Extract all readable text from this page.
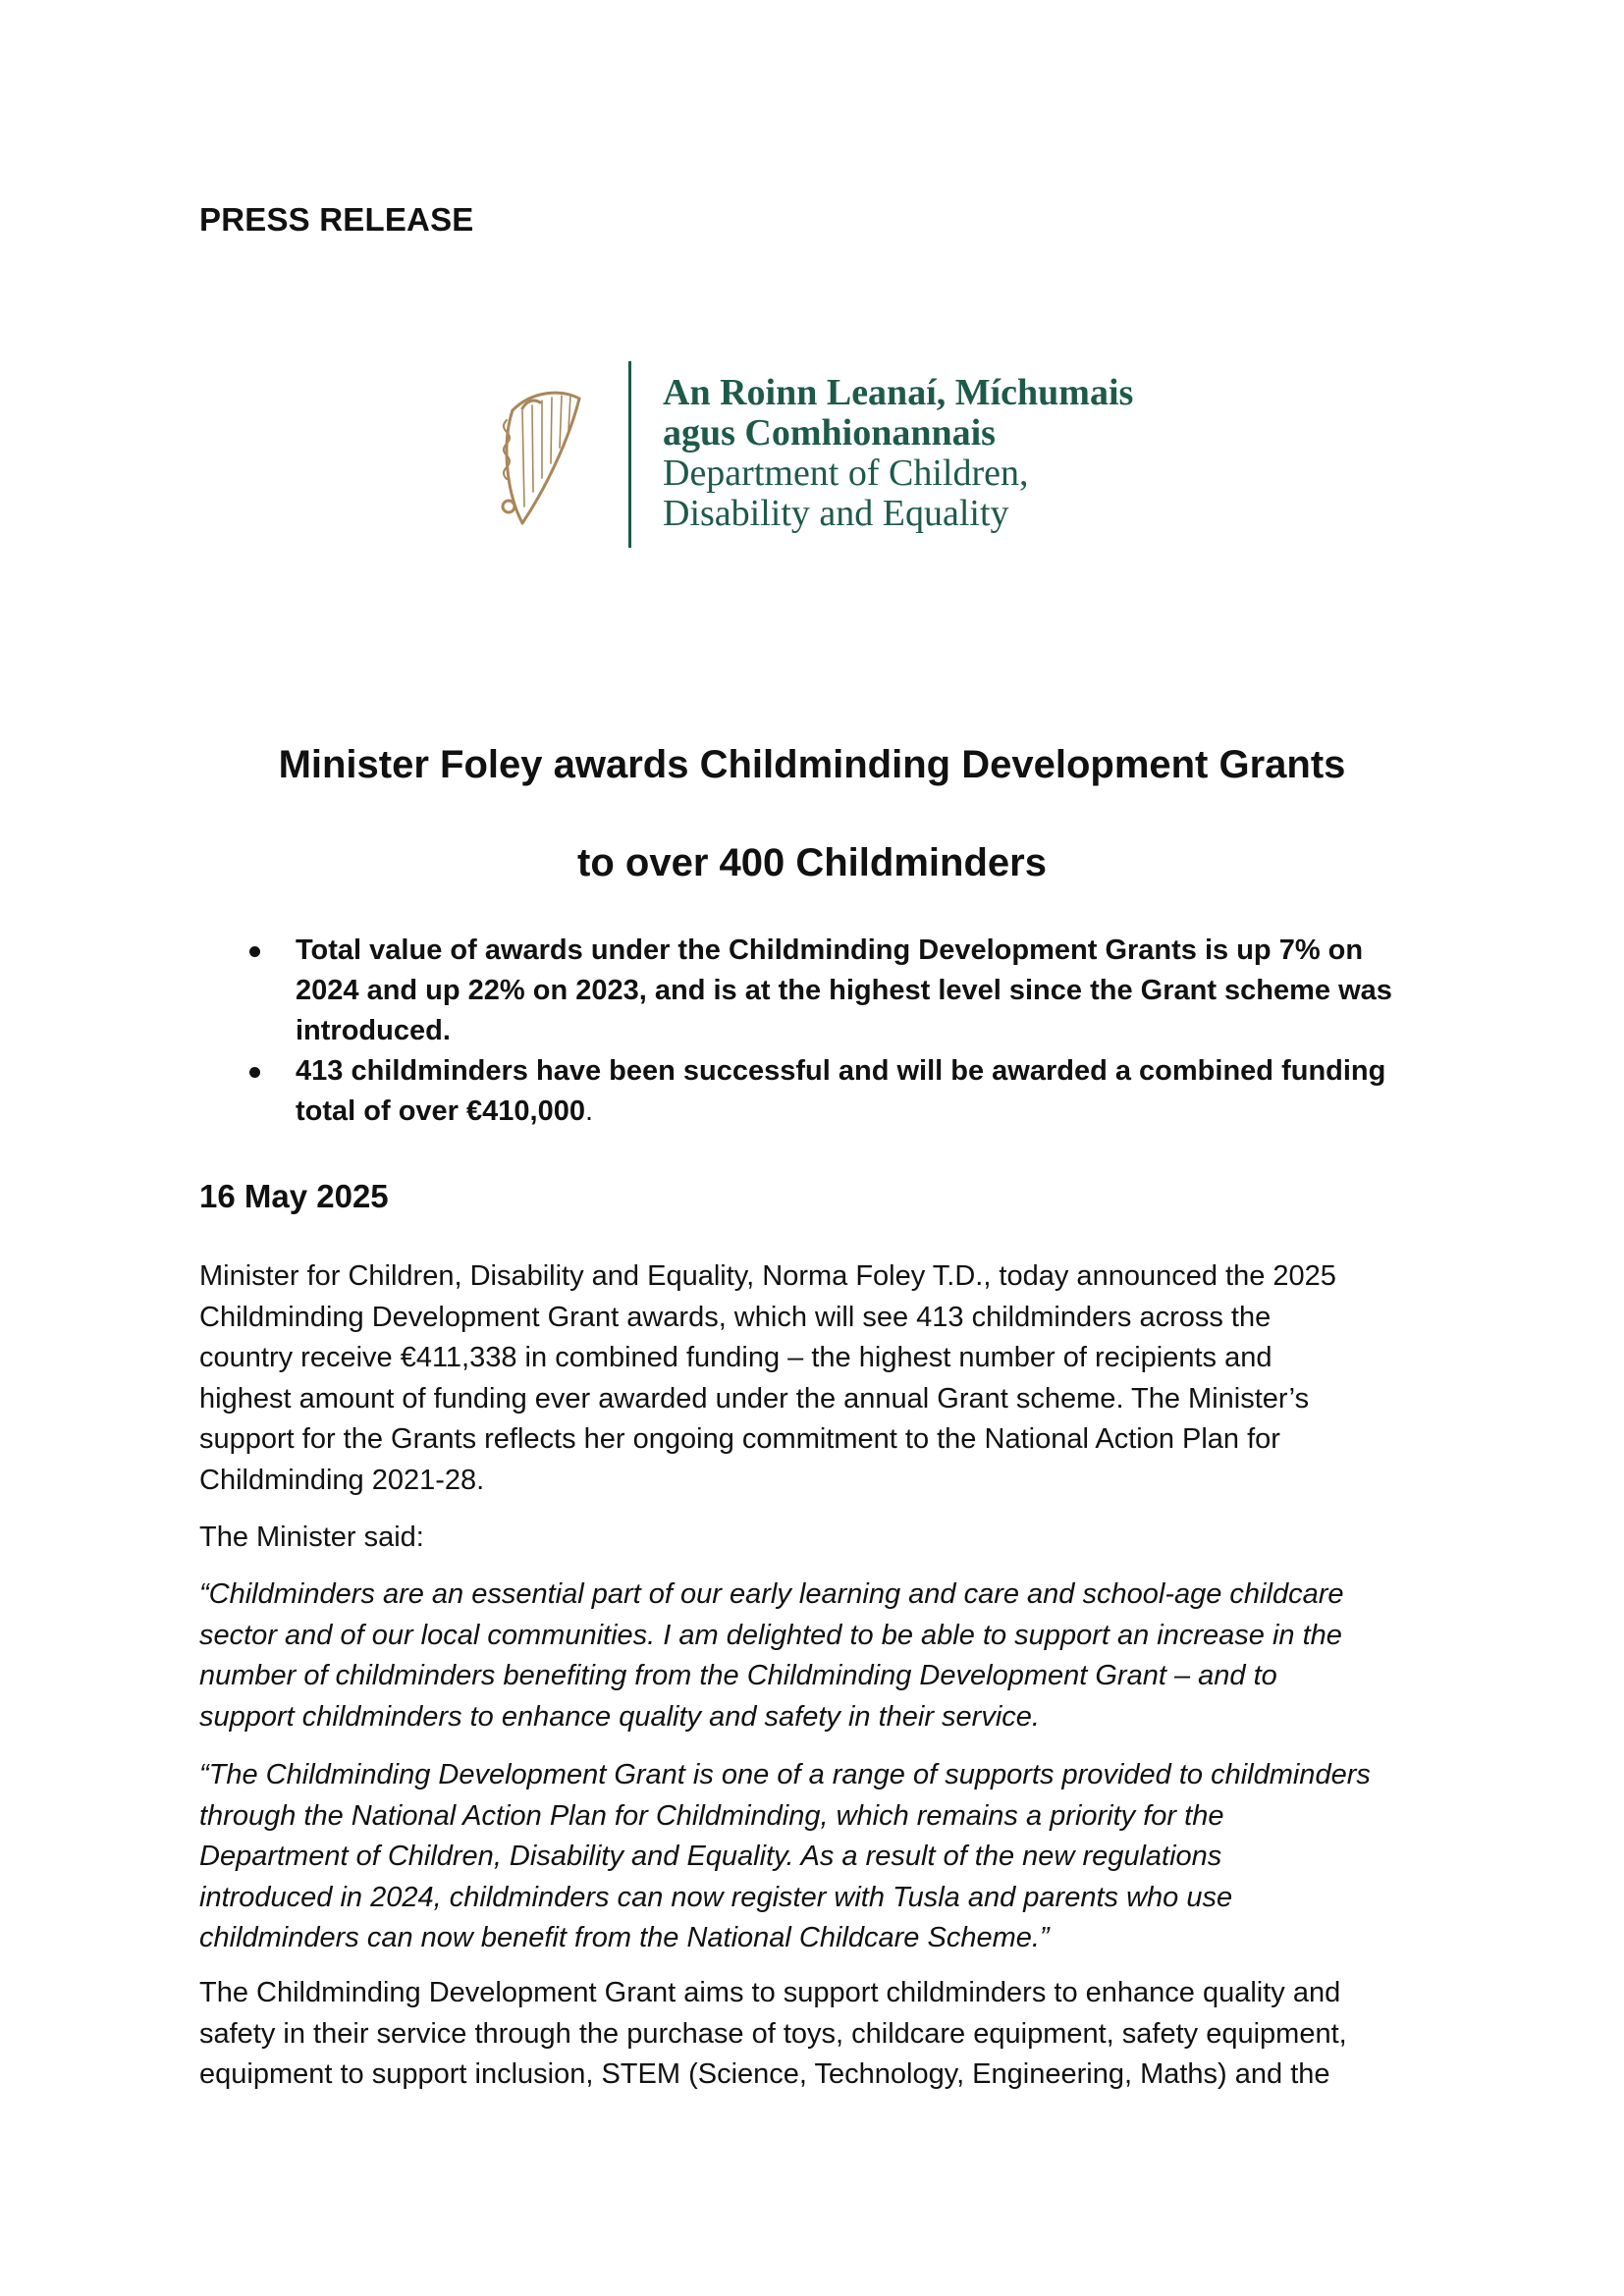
PRESS RELEASE
An Roinn Leanaí, Míchumais
agus Comhionannais
Department of Children,
Disability and Equality
Minister Foley awards Childminding Development Grants
to over 400 Childminders
Total value of awards under the Childminding Development Grants is up 7% on
2024 and up 22% on 2023, and is at the highest level since the Grant scheme was
introduced.
413 childminders have been successful and will be awarded a combined funding
total of over €410,000.
16 May 2025

Minister for Children, Disability and Equality, Norma Foley T.D., today announced the 2025
Childminding Development Grant awards, which will see 413 childminders across the
country receive €411,338 in combined funding – the highest number of recipients and
highest amount of funding ever awarded under the annual Grant scheme. The Minister’s
support for the Grants reflects her ongoing commitment to the National Action Plan for
Childminding 2021-28.

The Minister said:

“Childminders are an essential part of our early learning and care and school-age childcare
sector and of our local communities. I am delighted to be able to support an increase in the
number of childminders benefiting from the Childminding Development Grant – and to
support childminders to enhance quality and safety in their service.

“The Childminding Development Grant is one of a range of supports provided to childminders
through the National Action Plan for Childminding, which remains a priority for the
Department of Children, Disability and Equality. As a result of the new regulations
introduced in 2024, childminders can now register with Tusla and parents who use
childminders can now benefit from the National Childcare Scheme.”

The Childminding Development Grant aims to support childminders to enhance quality and
safety in their service through the purchase of toys, childcare equipment, safety equipment,
equipment to support inclusion, STEM (Science, Technology, Engineering, Maths) and the
